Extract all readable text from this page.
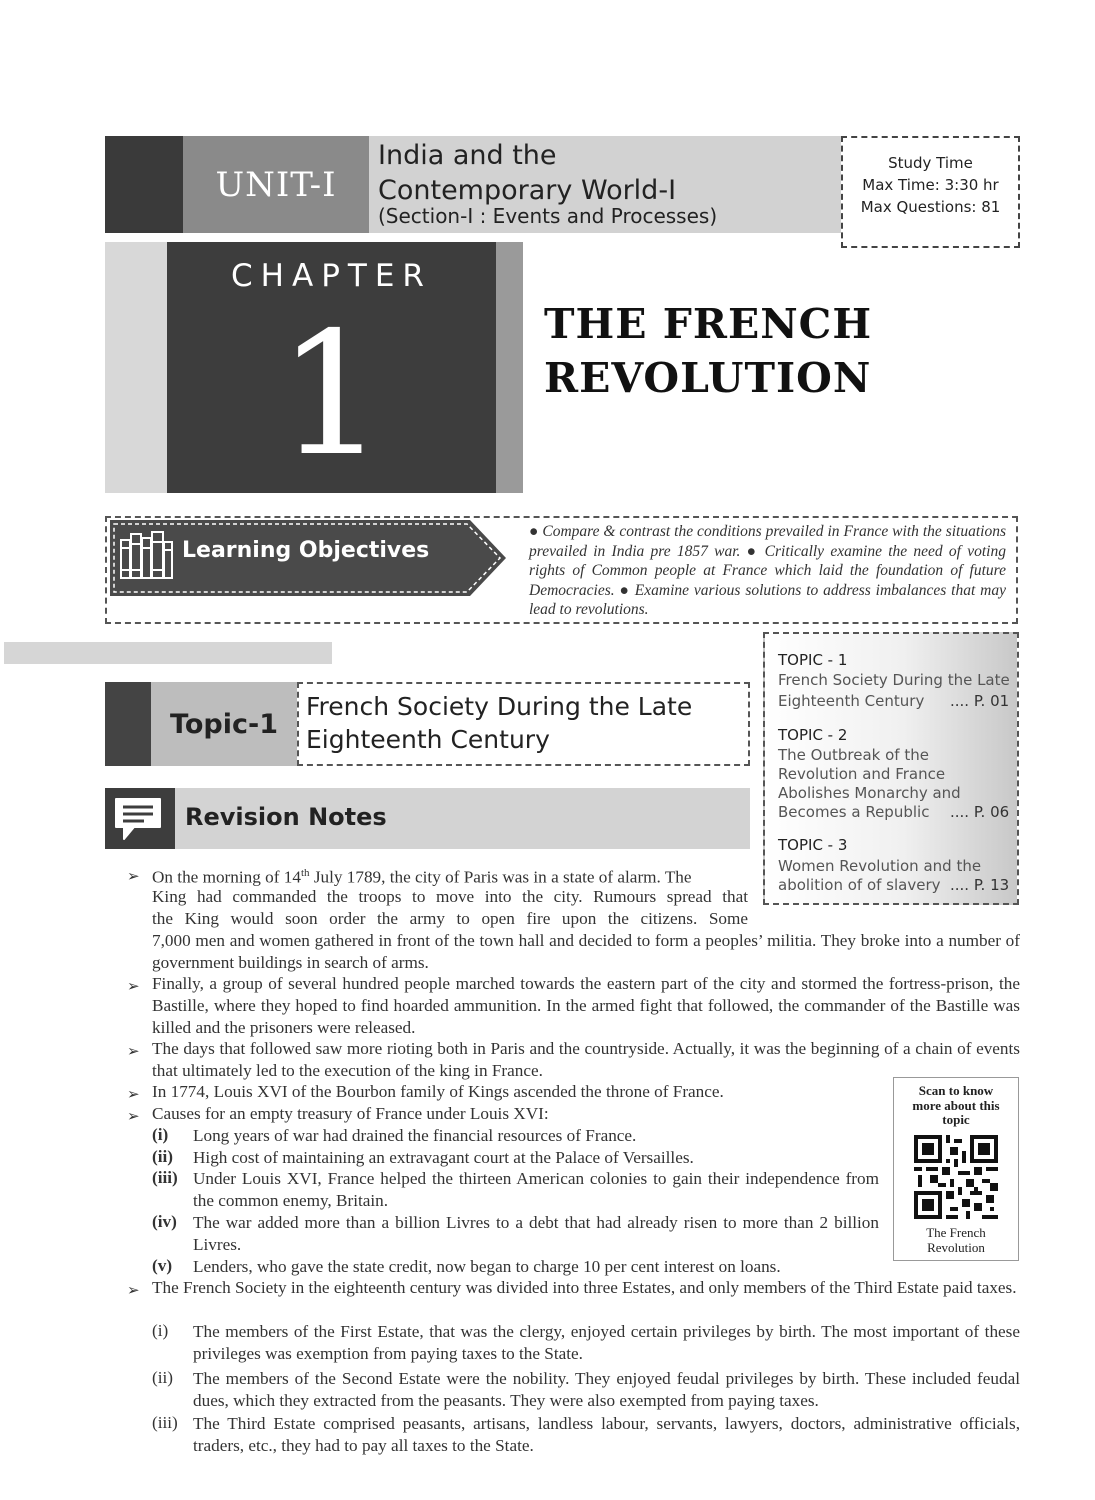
UNIT-I
India and the
Contemporary World-I
(Section-I : Events and Processes)
Study Time
Max Time: 3:30 hr
Max Questions: 81
CHAPTER
1	THE FRENCH
REVOLUTION
Learning Objectives
● Compare & contrast the conditions prevailed in France with the situations prevailed in India pre 1857 war. ● Critically examine the need of voting rights of Common people at France which laid the foundation of future Democracies. ● Examine various solutions to address imbalances that may lead to revolutions.
TOPIC - 1
French Society During the Late
Eighteenth Century .... P. 01
TOPIC - 2
The Outbreak of the
Revolution and France
Abolishes Monarchy and
Becomes a Republic .... P. 06
TOPIC - 3
Women Revolution and the
abolition of of slavery .... P. 13
Topic-1
French Society During the Late
Eighteenth Century
Revision Notes
➢ On the morning of 14th July 1789, the city of Paris was in a state of alarm. The
King had commanded the troops to move into the city. Rumours spread that
the King would soon order the army to open fire upon the citizens. Some
7,000 men and women gathered in front of the town hall and decided to form a peoples’ militia. They broke into a number of government buildings in search of arms.
➢ Finally, a group of several hundred people marched towards the eastern part of the city and stormed the fortress-prison, the Bastille, where they hoped to find hoarded ammunition. In the armed fight that followed, the commander of the Bastille was killed and the prisoners were released.
➢ The days that followed saw more rioting both in Paris and the countryside. Actually, it was the beginning of a chain of events that ultimately led to the execution of the king in France.
➢ In 1774, Louis XVI of the Bourbon family of Kings ascended the throne of France.
➢ Causes for an empty treasury of France under Louis XVI:
(i) Long years of war had drained the financial resources of France.
(ii) High cost of maintaining an extravagant court at the Palace of Versailles.
(iii) Under Louis XVI, France helped the thirteen American colonies to gain their independence from the common enemy, Britain.
(iv) The war added more than a billion Livres to a debt that had already risen to more than 2 billion Livres.
(v) Lenders, who gave the state credit, now began to charge 10 per cent interest on loans.
➢ The French Society in the eighteenth century was divided into three Estates, and only members of the Third Estate paid taxes.
(i) The members of the First Estate, that was the clergy, enjoyed certain privileges by birth. The most important of these privileges was exemption from paying taxes to the State.
(ii) The members of the Second Estate were the nobility. They enjoyed feudal privileges by birth. These included feudal dues, which they extracted from the peasants. They were also exempted from paying taxes.
(iii) The Third Estate comprised peasants, artisans, landless labour, servants, lawyers, doctors, administrative officials, traders, etc., they had to pay all taxes to the State.
Scan to know more about this topic
The French Revolution
